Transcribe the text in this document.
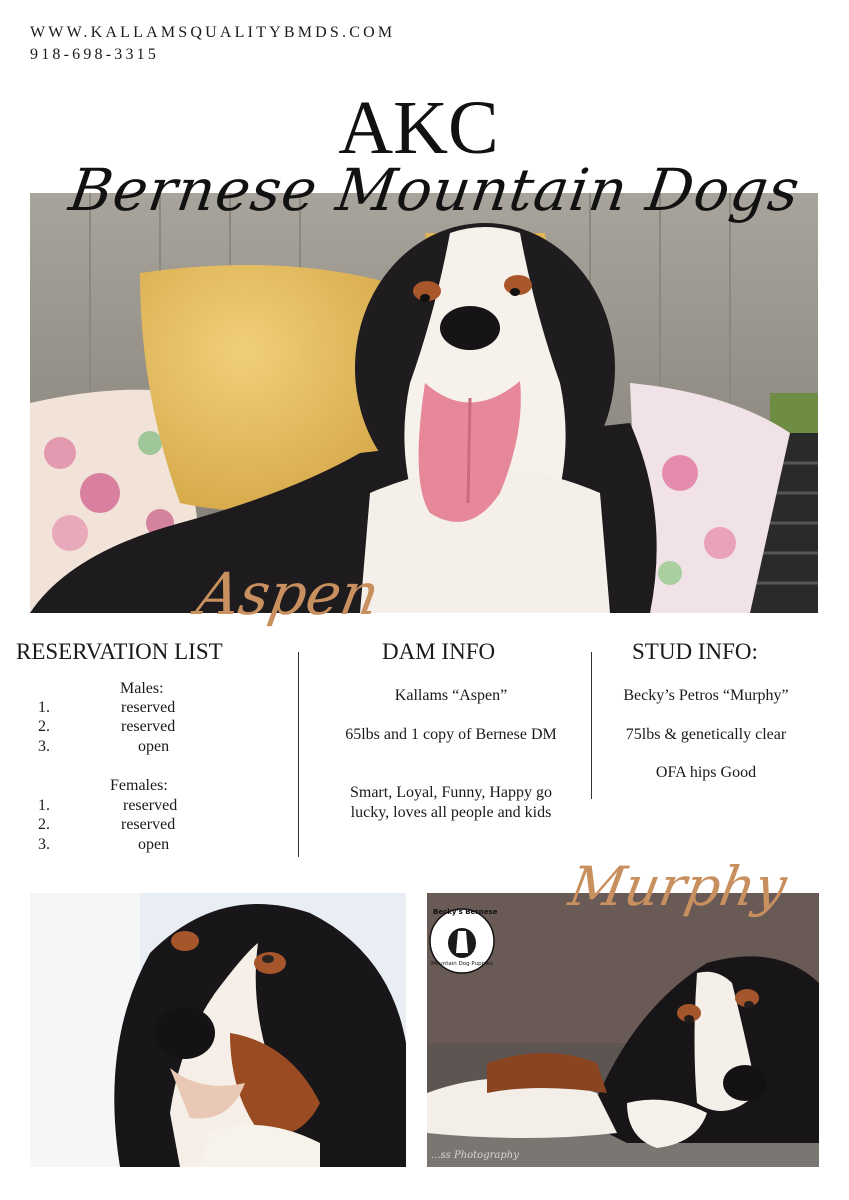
WWW.KALLAMSQUALITYBMDS.COM
918-698-3315
AKC
Bernese Mountain Dogs
Aspen
RESERVATION LIST	DAM INFO	STUD INFO:
Males:
1.	reserved
2.	reserved
3.	open
Females:
1.	reserved
2.	reserved
3.	open
Kallams “Aspen”
65lbs and 1 copy of Bernese DM
Smart, Loyal, Funny, Happy go lucky, loves all people and kids
Becky’s Petros “Murphy”
75lbs & genetically clear
OFA hips Good
Becky's Bernese
Mountain Dog Puppies
...ss Photography
Murphy
